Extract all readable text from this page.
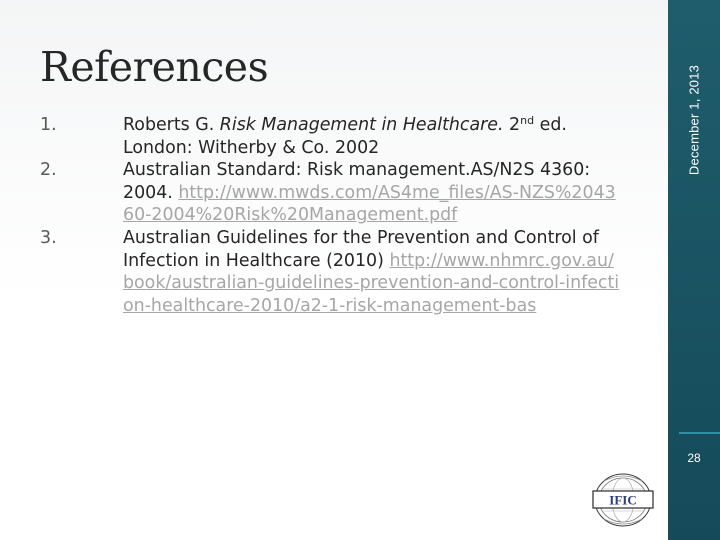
References
1.	Roberts G. Risk Management in Healthcare. 2nd ed. London: Witherby & Co. 2002
2.	Australian Standard: Risk management.AS/N2S 4360: 2004. http://www.mwds.com/AS4me_files/AS-NZS%204360-2004%20Risk%20Management.pdf
3.	Australian Guidelines for the Prevention and Control of Infection in Healthcare (2010) http://www.nhmrc.gov.au/book/australian-guidelines-prevention-and-control-infection-healthcare-2010/a2-1-risk-management-bas
December 1, 2013
28
IFIC
